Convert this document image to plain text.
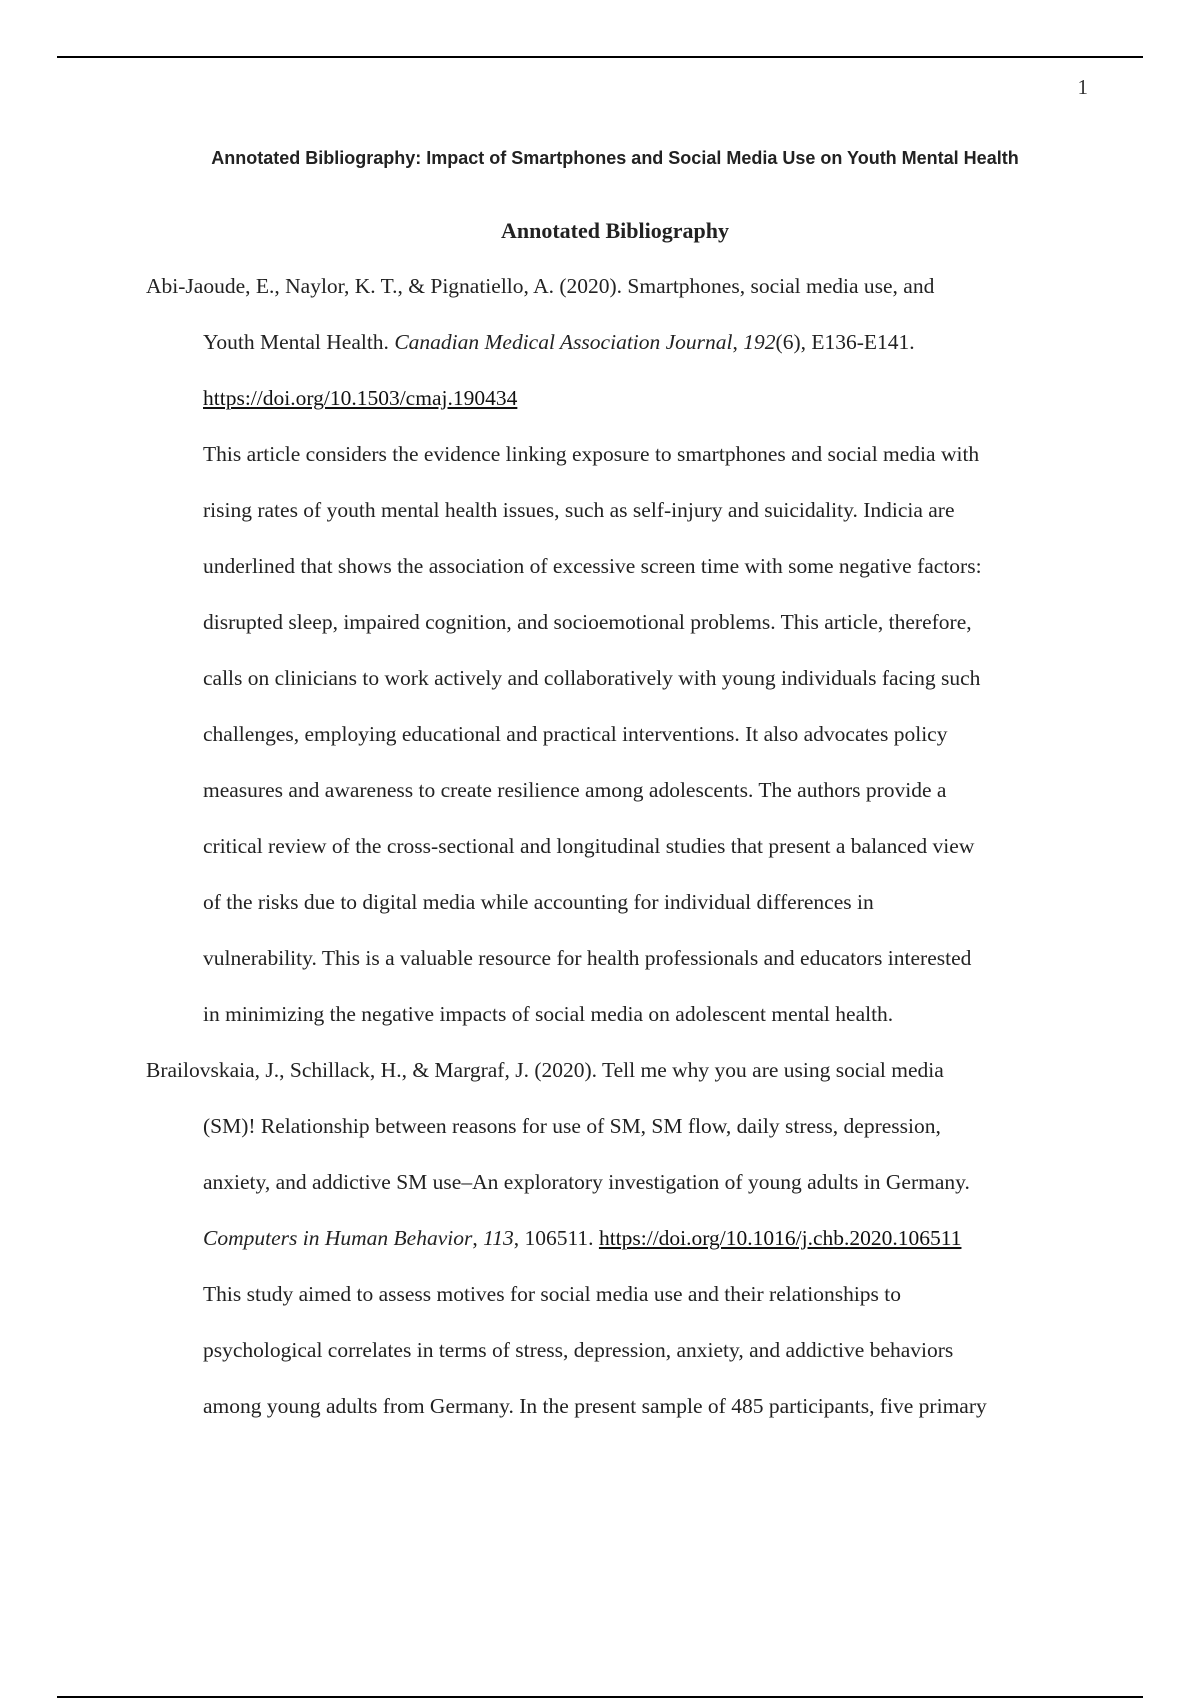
1
Annotated Bibliography: Impact of Smartphones and Social Media Use on Youth Mental Health
Annotated Bibliography
Abi-Jaoude, E., Naylor, K. T., & Pignatiello, A. (2020). Smartphones, social media use, and
Youth Mental Health. Canadian Medical Association Journal, 192(6), E136-E141.
https://doi.org/10.1503/cmaj.190434
This article considers the evidence linking exposure to smartphones and social media with
rising rates of youth mental health issues, such as self-injury and suicidality. Indicia are
underlined that shows the association of excessive screen time with some negative factors:
disrupted sleep, impaired cognition, and socioemotional problems. This article, therefore,
calls on clinicians to work actively and collaboratively with young individuals facing such
challenges, employing educational and practical interventions. It also advocates policy
measures and awareness to create resilience among adolescents. The authors provide a
critical review of the cross-sectional and longitudinal studies that present a balanced view
of the risks due to digital media while accounting for individual differences in
vulnerability. This is a valuable resource for health professionals and educators interested
in minimizing the negative impacts of social media on adolescent mental health.
Brailovskaia, J., Schillack, H., & Margraf, J. (2020). Tell me why you are using social media
(SM)! Relationship between reasons for use of SM, SM flow, daily stress, depression,
anxiety, and addictive SM use–An exploratory investigation of young adults in Germany.
Computers in Human Behavior, 113, 106511. https://doi.org/10.1016/j.chb.2020.106511
This study aimed to assess motives for social media use and their relationships to
psychological correlates in terms of stress, depression, anxiety, and addictive behaviors
among young adults from Germany. In the present sample of 485 participants, five primary
